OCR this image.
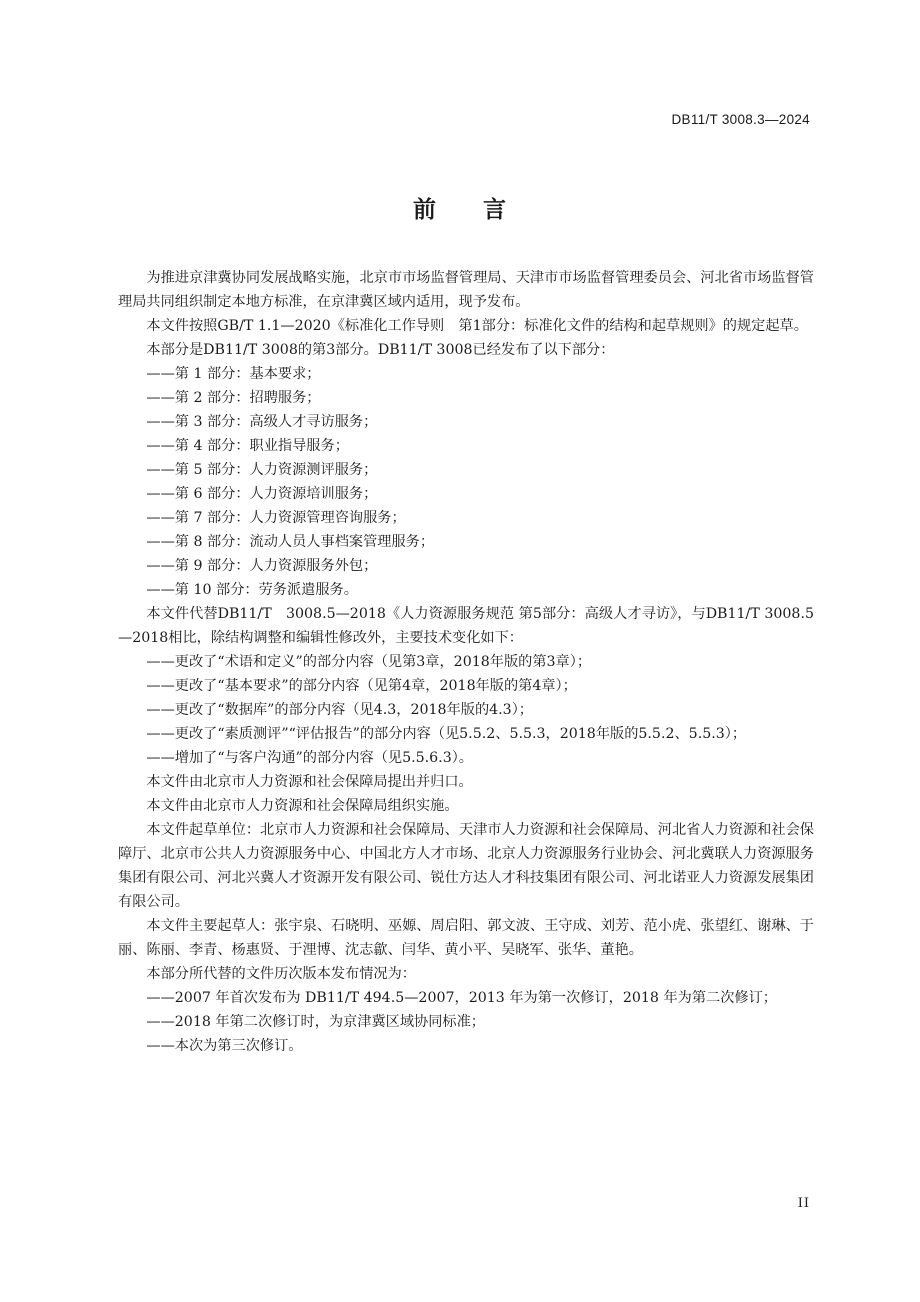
DB11/T 3008.3—2024
前 言

为推进京津冀协同发展战略实施，北京市市场监督管理局、天津市市场监督管理委员会、河北省市场监督管理局共同组织制定本地方标准，在京津冀区域内适用，现予发布。

本文件按照GB/T 1.1—2020《标准化工作导则　第1部分：标准化文件的结构和起草规则》的规定起草。

本部分是DB11/T 3008的第3部分。DB11/T 3008已经发布了以下部分：

——第 1 部分：基本要求；

——第 2 部分：招聘服务；

——第 3 部分：高级人才寻访服务；

——第 4 部分：职业指导服务；

——第 5 部分：人力资源测评服务；

——第 6 部分：人力资源培训服务；

——第 7 部分：人力资源管理咨询服务；

——第 8 部分：流动人员人事档案管理服务；

——第 9 部分：人力资源服务外包；

——第 10 部分：劳务派遣服务。

本文件代替DB11/T　3008.5—2018《人力资源服务规范 第5部分：高级人才寻访》，与DB11/T 3008.5—2018相比，除结构调整和编辑性修改外，主要技术变化如下：

——更改了“术语和定义”的部分内容（见第3章，2018年版的第3章）；

——更改了“基本要求”的部分内容（见第4章，2018年版的第4章）；

——更改了“数据库”的部分内容（见4.3，2018年版的4.3）；

——更改了“素质测评”“评估报告”的部分内容（见5.5.2、5.5.3，2018年版的5.5.2、5.5.3）；

——增加了“与客户沟通”的部分内容（见5.5.6.3）。

本文件由北京市人力资源和社会保障局提出并归口。

本文件由北京市人力资源和社会保障局组织实施。

本文件起草单位：北京市人力资源和社会保障局、天津市人力资源和社会保障局、河北省人力资源和社会保障厅、北京市公共人力资源服务中心、中国北方人才市场、北京人力资源服务行业协会、河北冀联人力资源服务集团有限公司、河北兴冀人才资源开发有限公司、锐仕方达人才科技集团有限公司、河北诺亚人力资源发展集团有限公司。

本文件主要起草人：张宇泉、石晓明、巫嫄、周启阳、郭文波、王守成、刘芳、范小虎、张望红、谢琳、于丽、陈丽、李青、杨惠贤、于浬博、沈志歙、闫华、黄小平、吴晓军、张华、董艳。

本部分所代替的文件历次版本发布情况为：

——2007 年首次发布为 DB11/T 494.5—2007，2013 年为第一次修订，2018 年为第二次修订；

——2018 年第二次修订时，为京津冀区域协同标准；

——本次为第三次修订。

II
